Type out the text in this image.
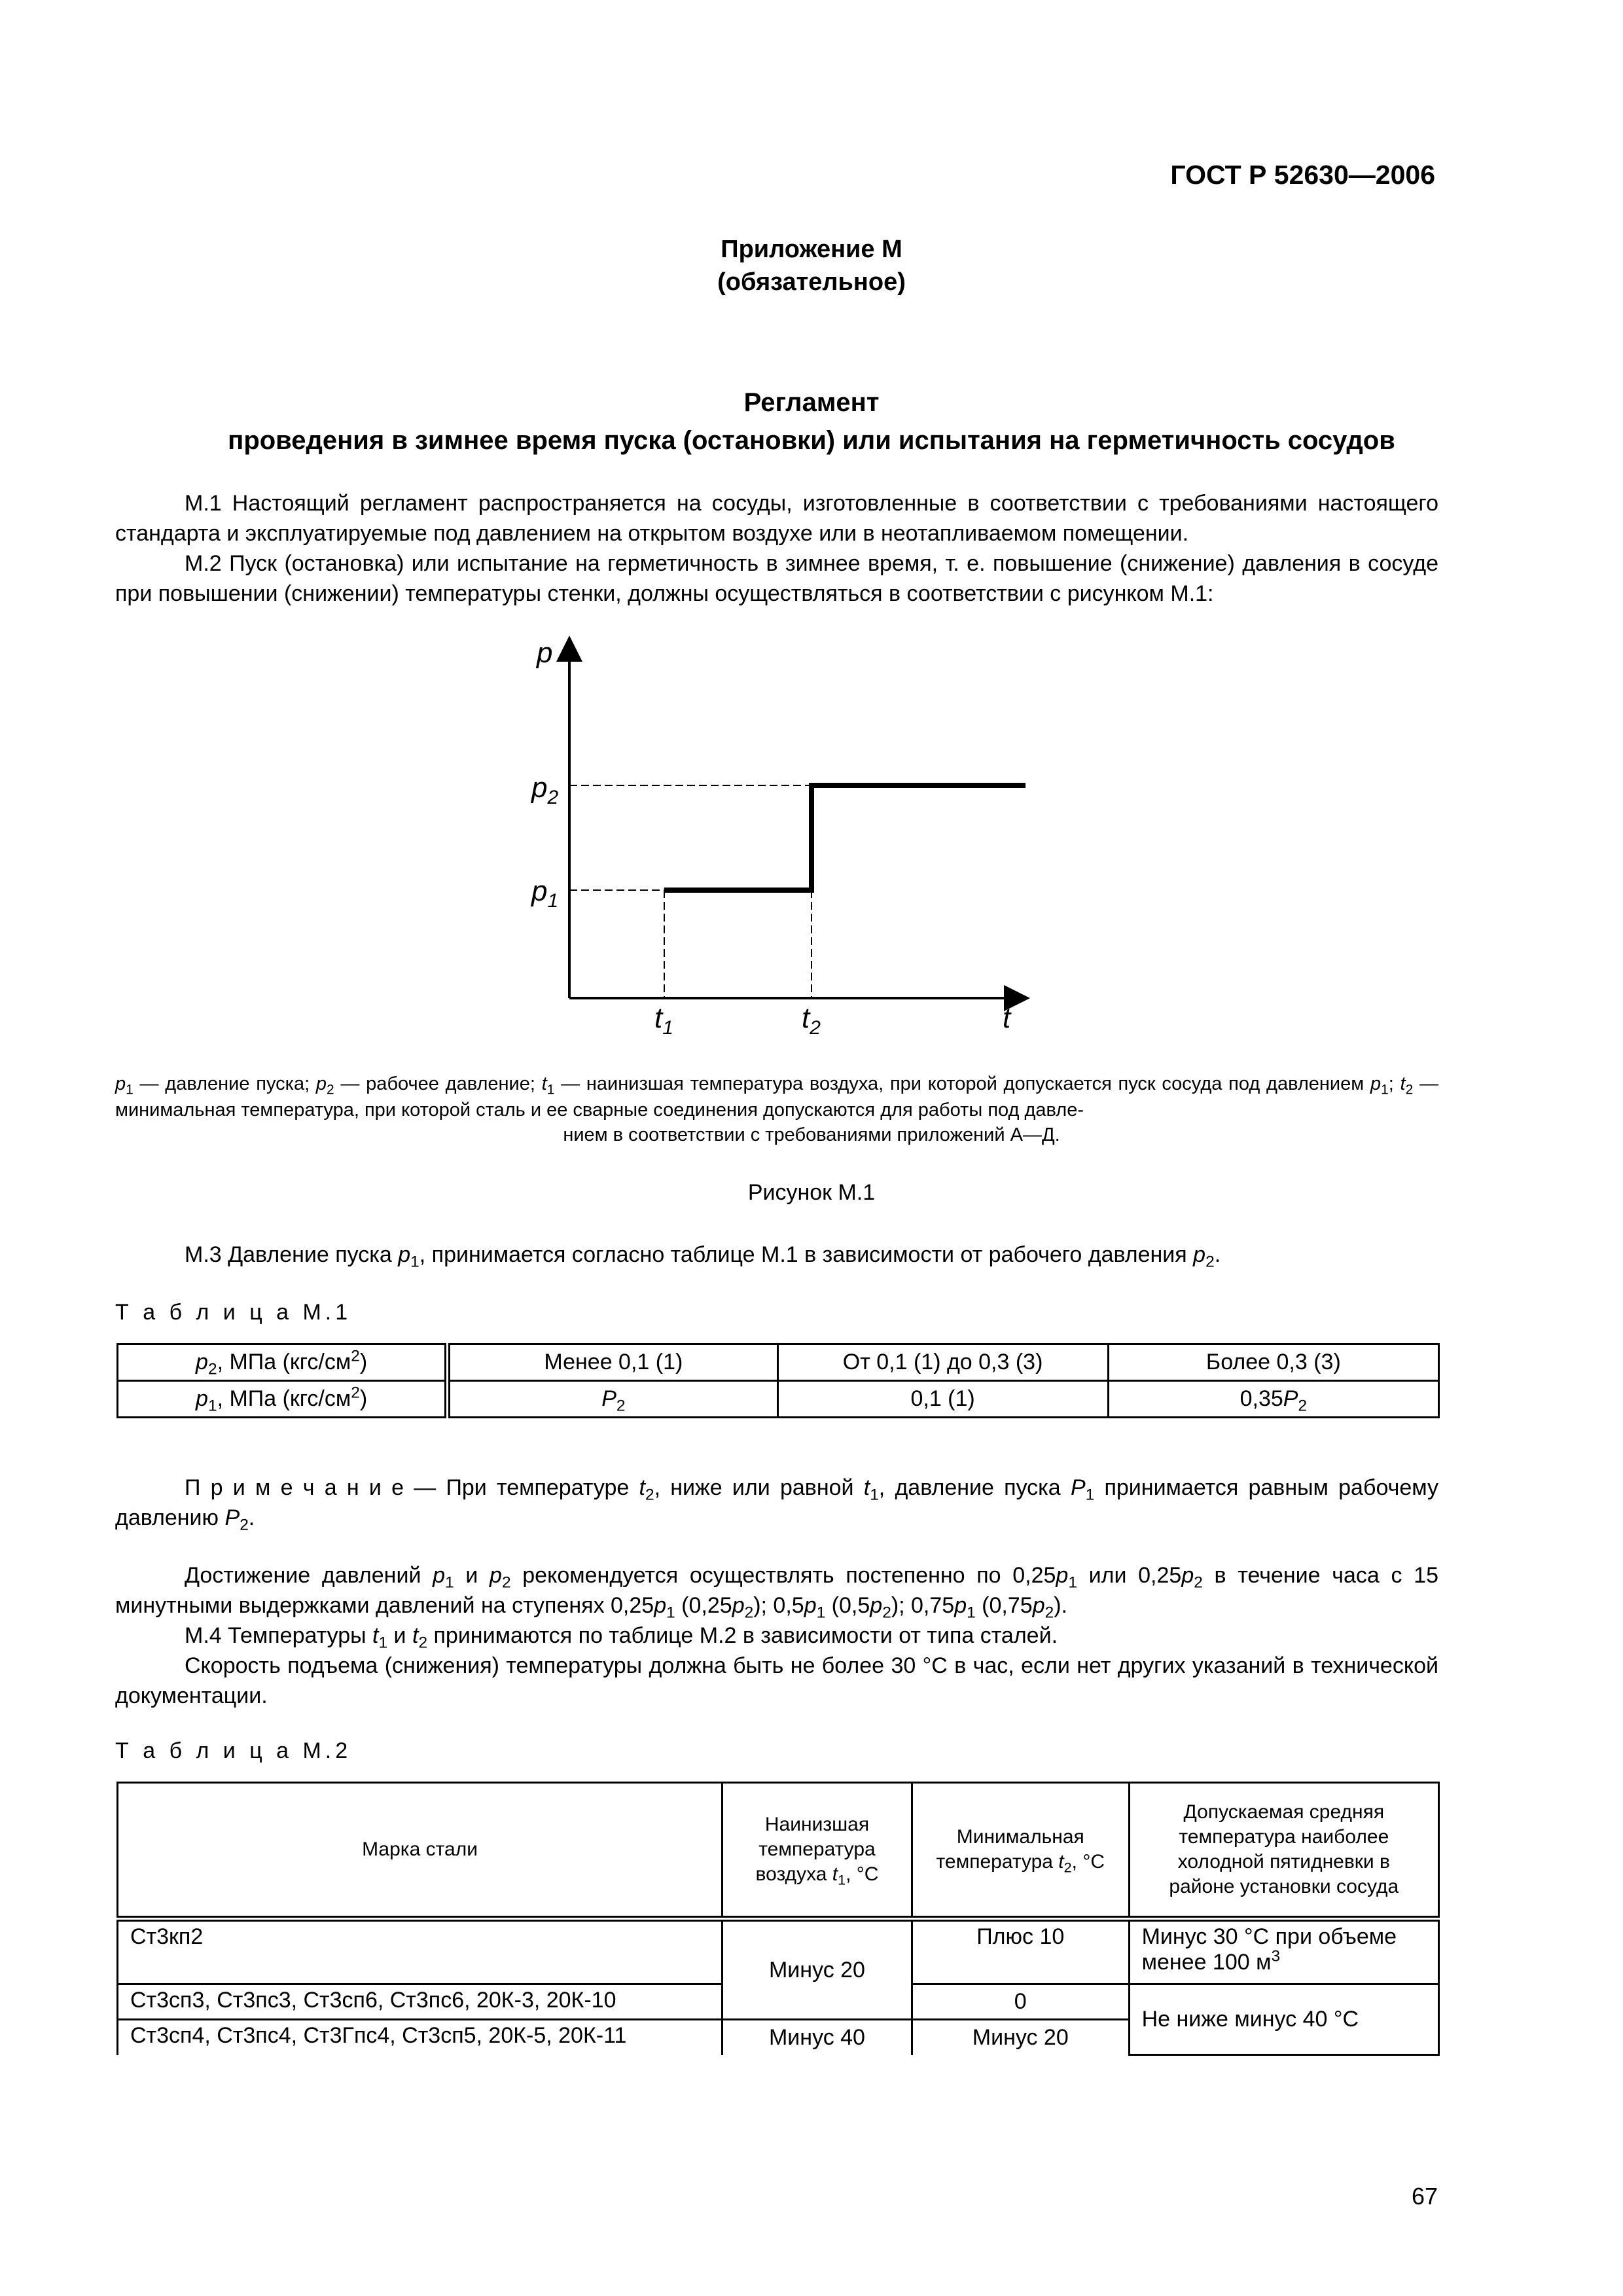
ГОСТ Р 52630—2006
Приложение М
(обязательное)
Регламент
проведения в зимнее время пуска (остановки) или испытания на герметичность сосудов
М.1 Настоящий регламент распространяется на сосуды, изготовленные в соответствии с требованиями настоящего стандарта и эксплуатируемые под давлением на открытом воздухе или в неотапливаемом помещении.
М.2 Пуск (остановка) или испытание на герметичность в зимнее время, т. е. повышение (снижение) давления в сосуде при повышении (снижении) температуры стенки, должны осуществляться в соответствии с рисунком М.1:
p
$p_2$
$p_1$
$t_1$	$t_2$	t
$p_1$ — давление пуска; $p_2$ — рабочее давление; $t_1$ — наинизшая температура воздуха, при которой допускается пуск сосуда под давлением $p_1$; $t_2$ — минимальная температура, при которой сталь и ее сварные соединения допускаются для работы под давле-
нием в соответствии с требованиями приложений А—Д.
Рисунок М.1
М.3 Давление пуска $p_1$, принимается согласно таблице М.1 в зависимости от рабочего давления $p_2$.
Т а б л и ц а М.1
$p_2$, МПа $(кгс/см^2)$	Менее 0,1 (1)	От 0,1 (1) до 0,3 (3)	Более 0,3 (3)
$p_1$, МПа $(кгс/см^2)$	$P_2$	0,1 (1)	$0,35P_2$
П р и м е ч а н и е — При температуре $t_2$, ниже или равной $t_1$, давление пуска $P_1$ принимается равным рабочему давлению $P_2$.
Достижение давлений $p_1$ и $p_2$ рекомендуется осуществлять постепенно по $0,25p_1$ или $0,25p_2$ в течение часа с 15 минутными выдержками давлений на ступенях $0,25p_1$ $(0,25p_2)$; $0,5p_1$ $(0,5p_2)$; $0,75p_1$ $(0,75p_2)$.
М.4 Температуры $t_1$ и $t_2$ принимаются по таблице М.2 в зависимости от типа сталей.
Скорость подъема (снижения) температуры должна быть не более 30 °С в час, если нет других указаний в технической документации.
Т а б л и ц а М.2
Марка стали	Наинизшая температура воздуха $t_1$, °С	Минимальная температура $t_2$, °С	Допускаемая средняя температура наиболее холодной пятидневки в районе установки сосуда
Ст3кп2	Минус 20	Плюс 10	Минус 30 °С при объеме менее 100 $м^3$
Ст3сп3, Ст3пс3, Ст3сп6, Ст3пс6, 20К-3, 20К-10		0	Не ниже минус 40 °С
Ст3сп4, Ст3пс4, Ст3Гпс4, Ст3сп5, 20К-5, 20К-11	Минус 40	Минус 20	
67
